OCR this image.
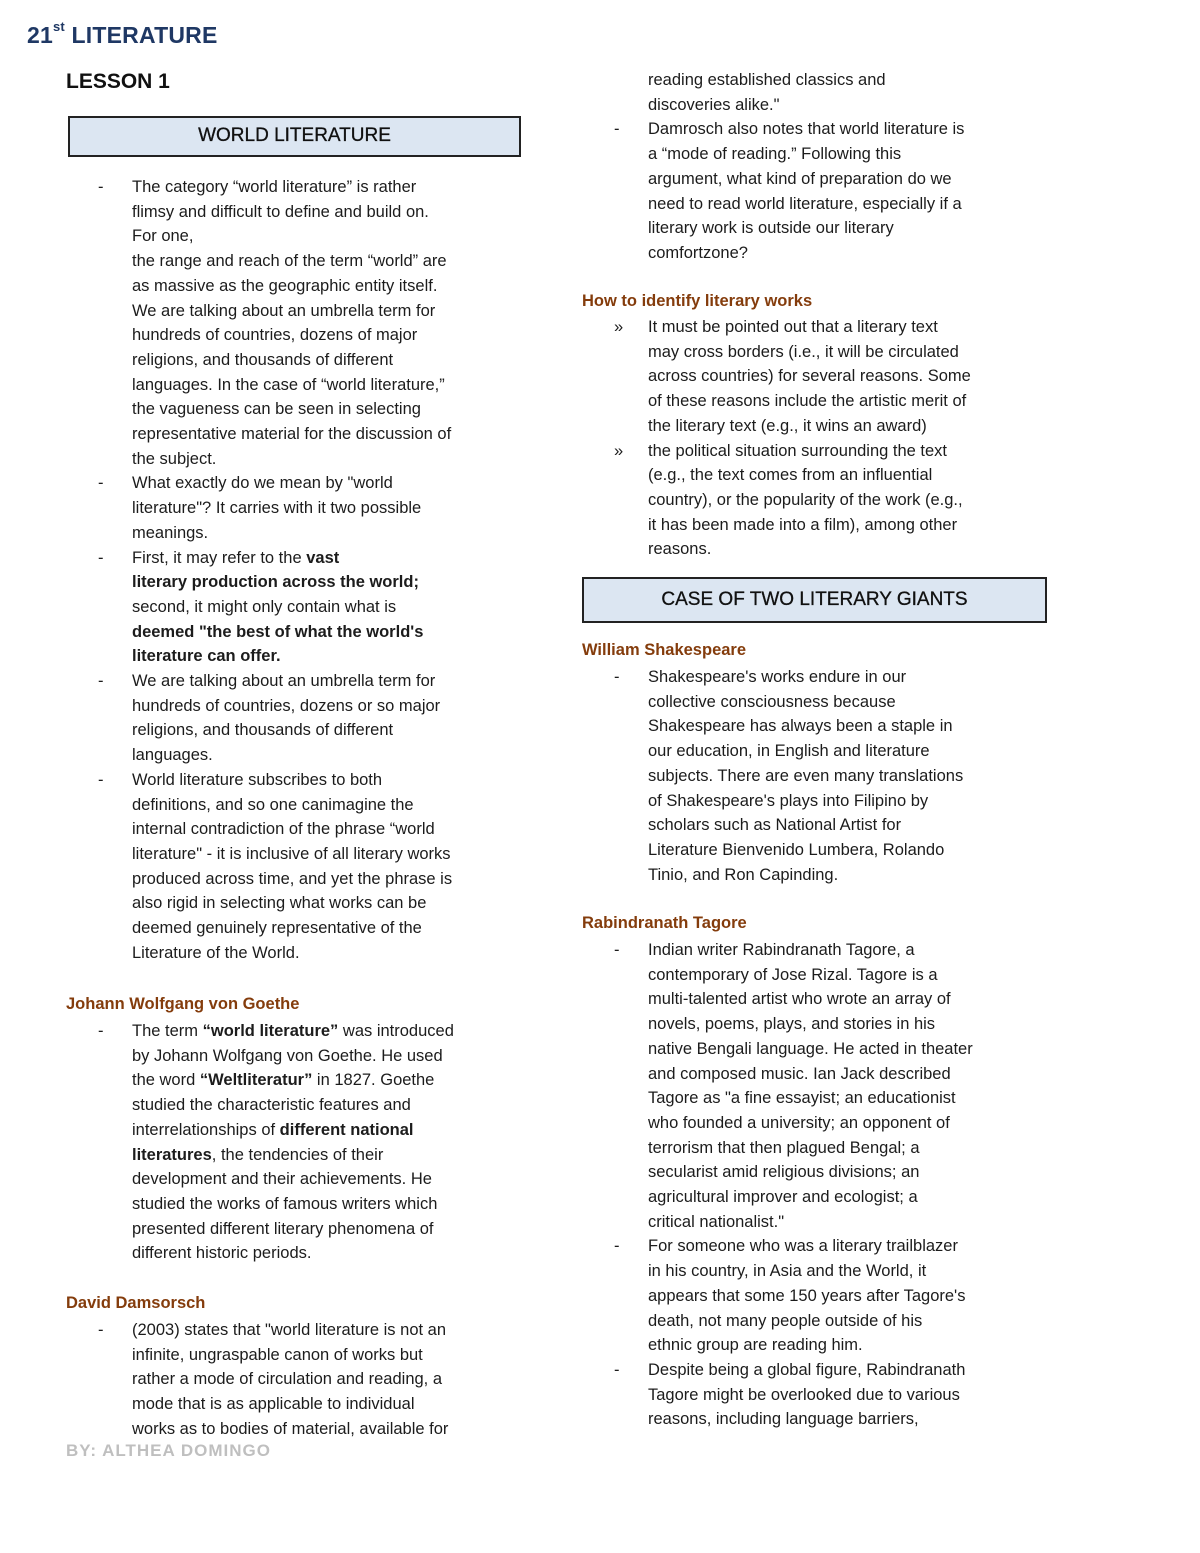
21st LITERATURE
LESSON 1
WORLD LITERATURE
- The category “world literature” is rather
flimsy and difficult to define and build on.
For one,
the range and reach of the term “world” are
as massive as the geographic entity itself.
We are talking about an umbrella term for
hundreds of countries, dozens of major
religions, and thousands of different
languages. In the case of “world literature,”
the vagueness can be seen in selecting
representative material for the discussion of
the subject.
- What exactly do we mean by "world
literature"? It carries with it two possible
meanings.
- First, it may refer to the vast
literary production across the world;
second, it might only contain what is
deemed "the best of what the world's
literature can offer.
- We are talking about an umbrella term for
hundreds of countries, dozens or so major
religions, and thousands of different
languages.
- World literature subscribes to both
definitions, and so one canimagine the
internal contradiction of the phrase “world
literature" - it is inclusive of all literary works
produced across time, and yet the phrase is
also rigid in selecting what works can be
deemed genuinely representative of the
Literature of the World.
Johann Wolfgang von Goethe
- The term “world literature” was introduced
by Johann Wolfgang von Goethe. He used
the word “Weltliteratur” in 1827. Goethe
studied the characteristic features and
interrelationships of different national
literatures, the tendencies of their
development and their achievements. He
studied the works of famous writers which
presented different literary phenomena of
different historic periods.
David Damsorsch
- (2003) states that "world literature is not an
infinite, ungraspable canon of works but
rather a mode of circulation and reading, a
mode that is as applicable to individual
works as to bodies of material, available for
BY: ALTHEA DOMINGO
reading established classics and
discoveries alike."
- Damrosch also notes that world literature is
a “mode of reading.” Following this
argument, what kind of preparation do we
need to read world literature, especially if a
literary work is outside our literary
comfortzone?
How to identify literary works
» It must be pointed out that a literary text
may cross borders (i.e., it will be circulated
across countries) for several reasons. Some
of these reasons include the artistic merit of
the literary text (e.g., it wins an award)
» the political situation surrounding the text
(e.g., the text comes from an influential
country), or the popularity of the work (e.g.,
it has been made into a film), among other
reasons.
CASE OF TWO LITERARY GIANTS
William Shakespeare
- Shakespeare's works endure in our
collective consciousness because
Shakespeare has always been a staple in
our education, in English and literature
subjects. There are even many translations
of Shakespeare's plays into Filipino by
scholars such as National Artist for
Literature Bienvenido Lumbera, Rolando
Tinio, and Ron Capinding.
Rabindranath Tagore
- Indian writer Rabindranath Tagore, a
contemporary of Jose Rizal. Tagore is a
multi-talented artist who wrote an array of
novels, poems, plays, and stories in his
native Bengali language. He acted in theater
and composed music. Ian Jack described
Tagore as "a fine essayist; an educationist
who founded a university; an opponent of
terrorism that then plagued Bengal; a
secularist amid religious divisions; an
agricultural improver and ecologist; a
critical nationalist."
- For someone who was a literary trailblazer
in his country, in Asia and the World, it
appears that some 150 years after Tagore's
death, not many people outside of his
ethnic group are reading him.
- Despite being a global figure, Rabindranath
Tagore might be overlooked due to various
reasons, including language barriers,
